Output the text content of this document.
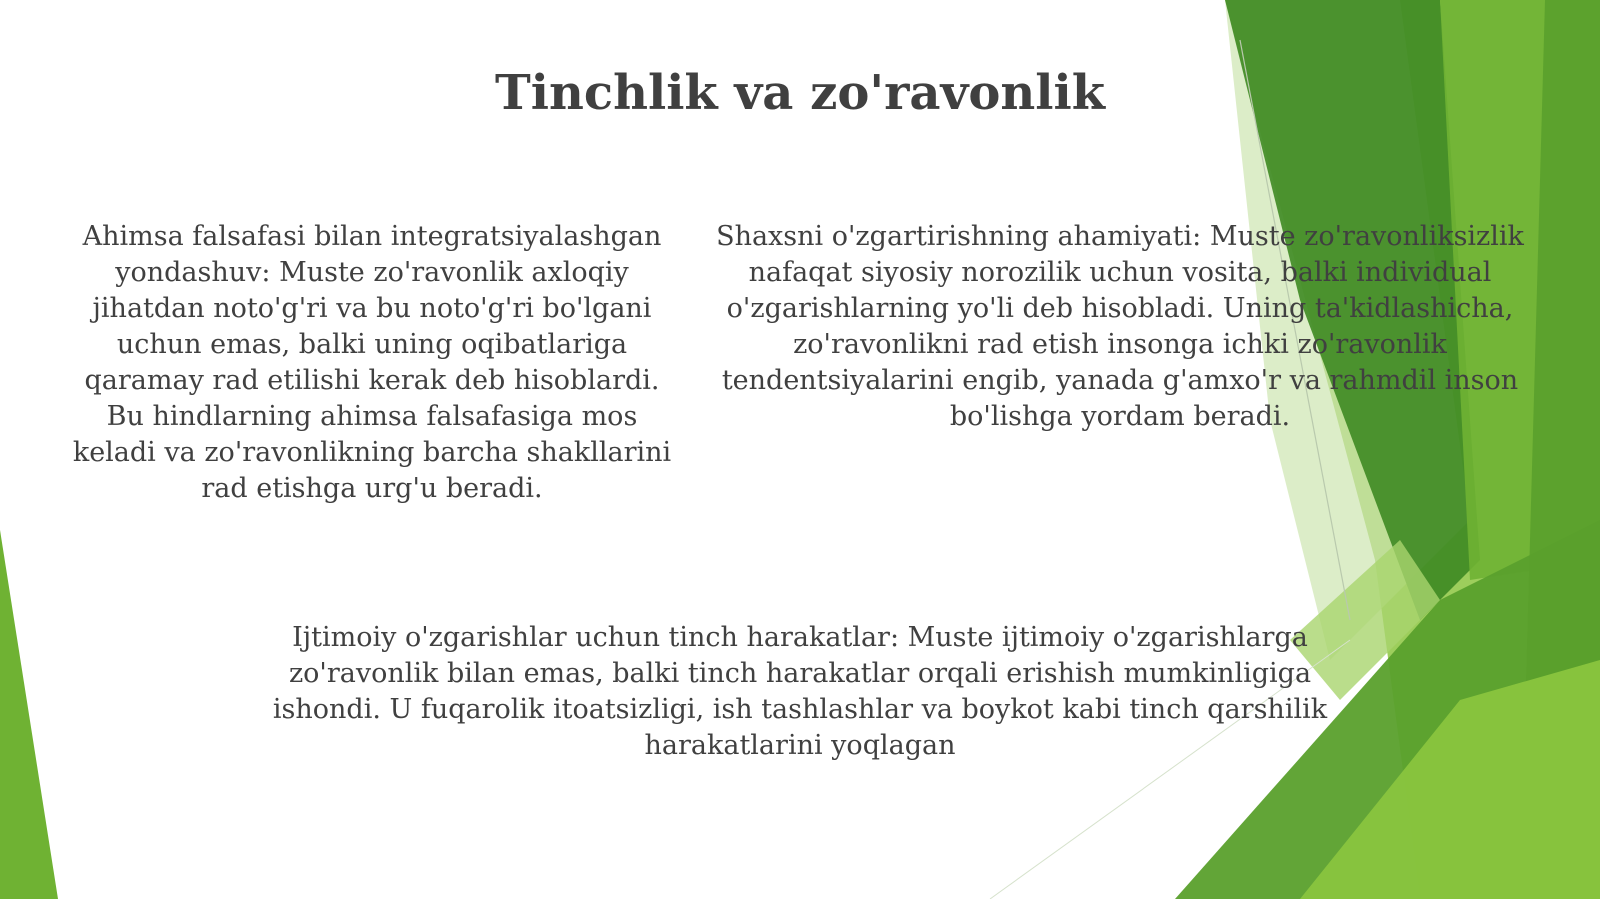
Tinchlik va zo'ravonlik

Ahimsa falsafasi bilan integratsiyalashgan yondashuv: Muste zo'ravonlik axloqiy jihatdan noto'g'ri va bu noto'g'ri bo'lgani uchun emas, balki uning oqibatlariga qaramay rad etilishi kerak deb hisoblardi. Bu hindlarning ahimsa falsafasiga mos keladi va zo'ravonlikning barcha shakllarini rad etishga urg'u beradi.

Shaxsni o'zgartirishning ahamiyati: Muste zo'ravonliksizlik nafaqat siyosiy norozilik uchun vosita, balki individual o'zgarishlarning yo'li deb hisobladi. Uning ta'kidlashicha, zo'ravonlikni rad etish insonga ichki zo'ravonlik tendentsiyalarini engib, yanada g'amxo'r va rahmdil inson bo'lishga yordam beradi.

Ijtimoiy o'zgarishlar uchun tinch harakatlar: Muste ijtimoiy o'zgarishlarga zo'ravonlik bilan emas, balki tinch harakatlar orqali erishish mumkinligiga ishondi. U fuqarolik itoatsizligi, ish tashlashlar va boykot kabi tinch qarshilik harakatlarini yoqlagan
